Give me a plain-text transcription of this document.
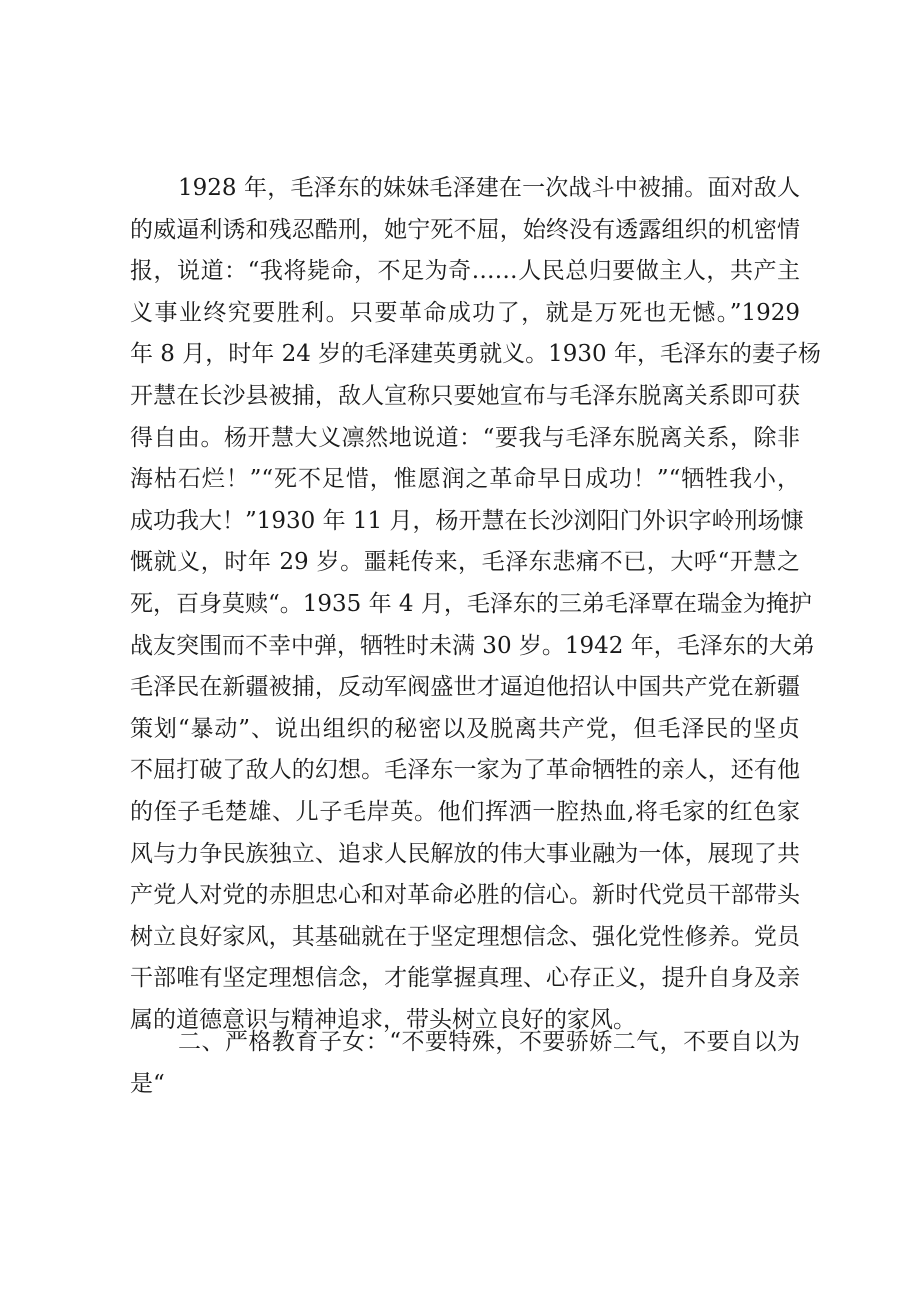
1928 年，毛泽东的妹妹毛泽建在一次战斗中被捕。面对敌人
的威逼利诱和残忍酷刑，她宁死不屈，始终没有透露组织的机密情
报，说道：“我将毙命，不足为奇……人民总归要做主人，共产主
义事业终究要胜利。只要革命成功了，就是万死也无憾。”1929
年 8 月，时年 24 岁的毛泽建英勇就义。1930 年，毛泽东的妻子杨
开慧在长沙县被捕，敌人宣称只要她宣布与毛泽东脱离关系即可获
得自由。杨开慧大义凛然地说道：“要我与毛泽东脱离关系，除非
海枯石烂！”“死不足惜，惟愿润之革命早日成功！”“牺牲我小，
成功我大！”1930 年 11 月，杨开慧在长沙浏阳门外识字岭刑场慷
慨就义，时年 29 岁。噩耗传来，毛泽东悲痛不已，大呼“开慧之
死，百身莫赎“。1935 年 4 月，毛泽东的三弟毛泽覃在瑞金为掩护
战友突围而不幸中弹，牺牲时未满 30 岁。1942 年，毛泽东的大弟
毛泽民在新疆被捕，反动军阀盛世才逼迫他招认中国共产党在新疆
策划“暴动”、说出组织的秘密以及脱离共产党，但毛泽民的坚贞
不屈打破了敌人的幻想。毛泽东一家为了革命牺牲的亲人，还有他
的侄子毛楚雄、儿子毛岸英。他们挥洒一腔热血,将毛家的红色家
风与力争民族独立、追求人民解放的伟大事业融为一体，展现了共
产党人对党的赤胆忠心和对革命必胜的信心。新时代党员干部带头
树立良好家风，其基础就在于坚定理想信念、强化党性修养。党员
干部唯有坚定理想信念，才能掌握真理、心存正义，提升自身及亲
属的道德意识与精神追求，带头树立良好的家风。
二、严格教育子女：“不要特殊，不要骄娇二气，不要自以为
是“
